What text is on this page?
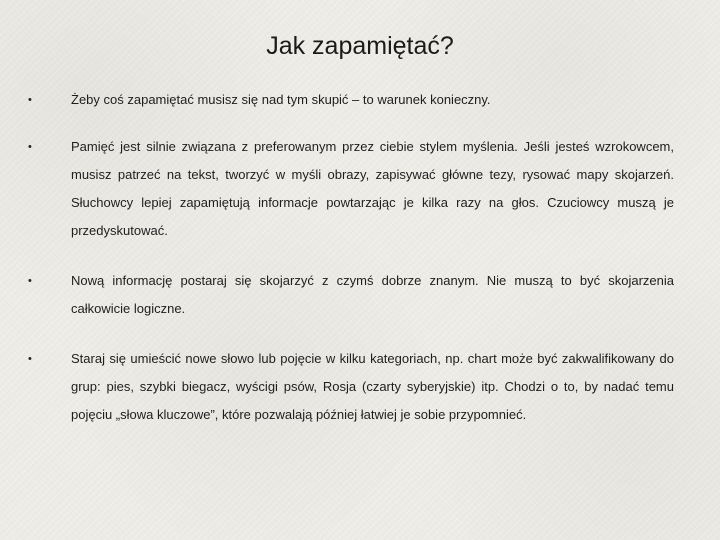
Jak zapamiętać?
•	Żeby coś zapamiętać musisz się nad tym skupić – to warunek konieczny.
•	Pamięć jest silnie związana z preferowanym przez ciebie stylem myślenia. Jeśli jesteś wzrokowcem, musisz patrzeć na tekst, tworzyć w myśli obrazy, zapisywać główne tezy, rysować mapy skojarzeń. Słuchowcy lepiej zapamiętują informacje powtarzając je kilka razy na głos. Czuciowcy muszą je przedyskutować.
•	Nową informację postaraj się skojarzyć z czymś dobrze znanym. Nie muszą to być skojarzenia całkowicie logiczne.
•	Staraj się umieścić nowe słowo lub pojęcie w kilku kategoriach, np. chart może być zakwalifikowany do grup: pies, szybki biegacz, wyścigi psów, Rosja (czarty syberyjskie) itp. Chodzi o to, by nadać temu pojęciu „słowa kluczowe”, które pozwalają później łatwiej je sobie przypomnieć.
